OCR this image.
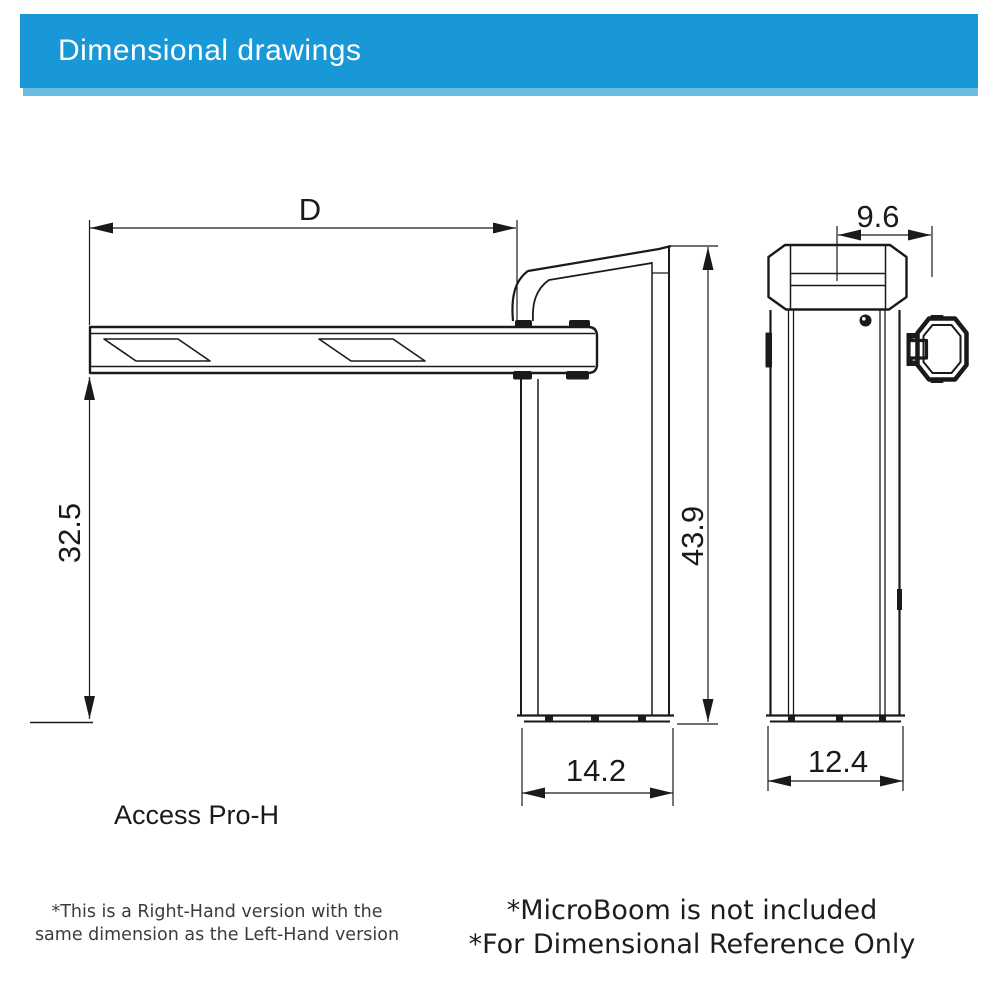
Dimensional drawings
D	9.6
32.5	43.9
14.2	12.4
Access Pro-H
*This is a Right-Hand version with the
same dimension as the Left-Hand version
*MicroBoom is not included
*For Dimensional Reference Only
